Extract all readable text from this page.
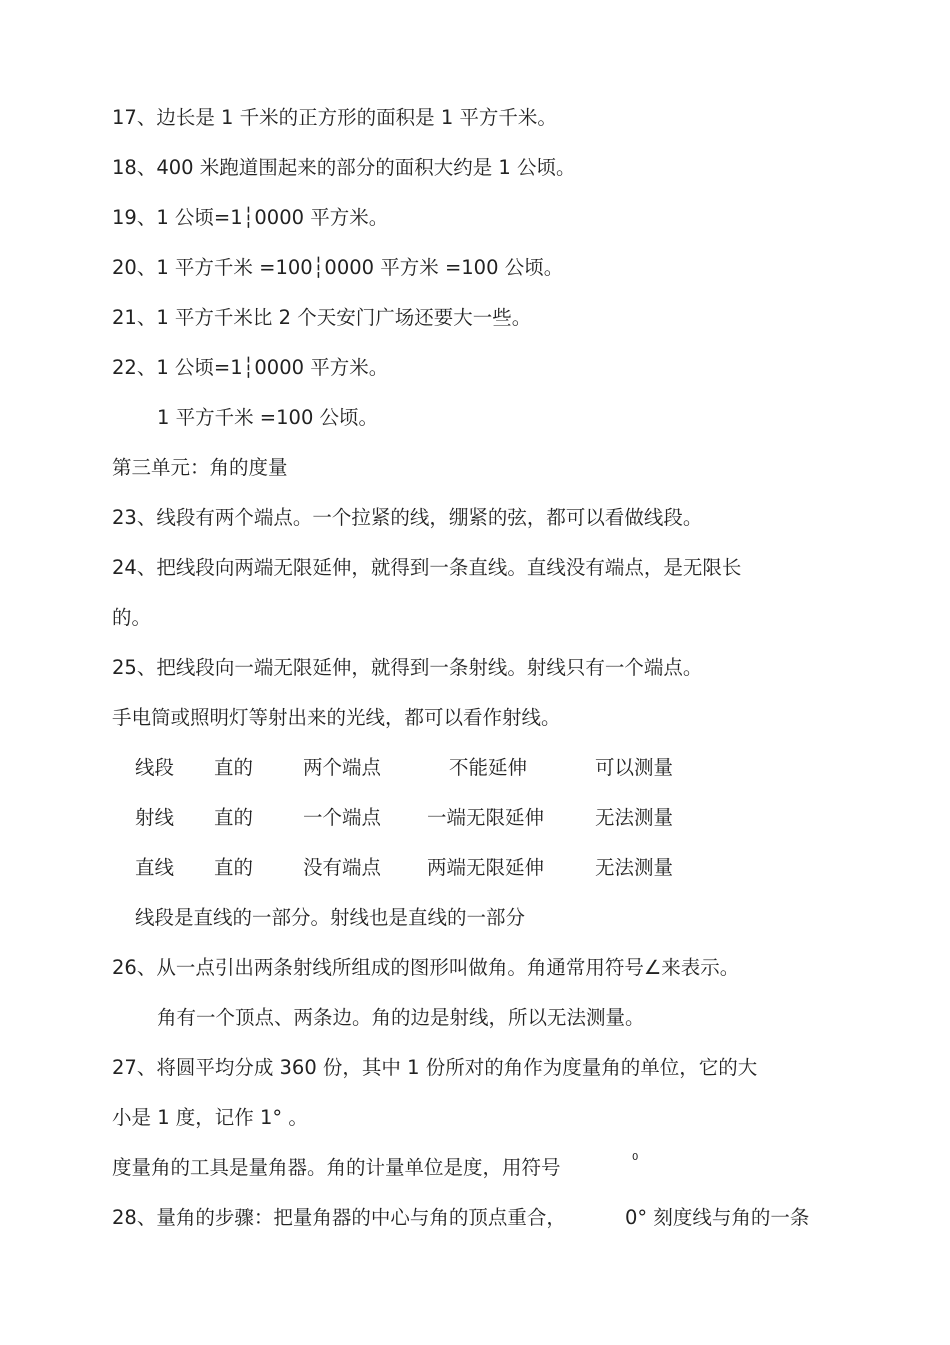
17、边长是 1 千米的正方形的面积是 1 平方千米。
18、400 米跑道围起来的部分的面积大约是 1 公顷。
19、1 公顷=1┆0000 平方米。
20、1 平方千米 =100┆0000 平方米 =100 公顷。
21、1 平方千米比 2 个天安门广场还要大一些。
22、1 公顷=1┆0000 平方米。
1 平方千米 =100 公顷。
第三单元：角的度量
23、线段有两个端点。一个拉紧的线，绷紧的弦，都可以看做线段。
24、把线段向两端无限延伸，就得到一条直线。直线没有端点，是无限长
的。
25、把线段向一端无限延伸，就得到一条射线。射线只有一个端点。
手电筒或照明灯等射出来的光线，都可以看作射线。
线段 直的	两个端点	不能延伸	可以测量
射线 直的	一个端点 一端无限延伸	无法测量
直线 直的	没有端点 两端无限延伸	无法测量
线段是直线的一部分。射线也是直线的一部分
26、从一点引出两条射线所组成的图形叫做角。角通常用符号∠来表示。
角有一个顶点、两条边。角的边是射线，所以无法测量。
27、将圆平均分成 360 份，其中 1 份所对的角作为度量角的单位，它的大
小是 1 度，记作 1° 。
度量角的工具是量角器。角的计量单位是度，用符号	0
28、量角的步骤：把量角器的中心与角的顶点重合，	0° 刻度线与角的一条
